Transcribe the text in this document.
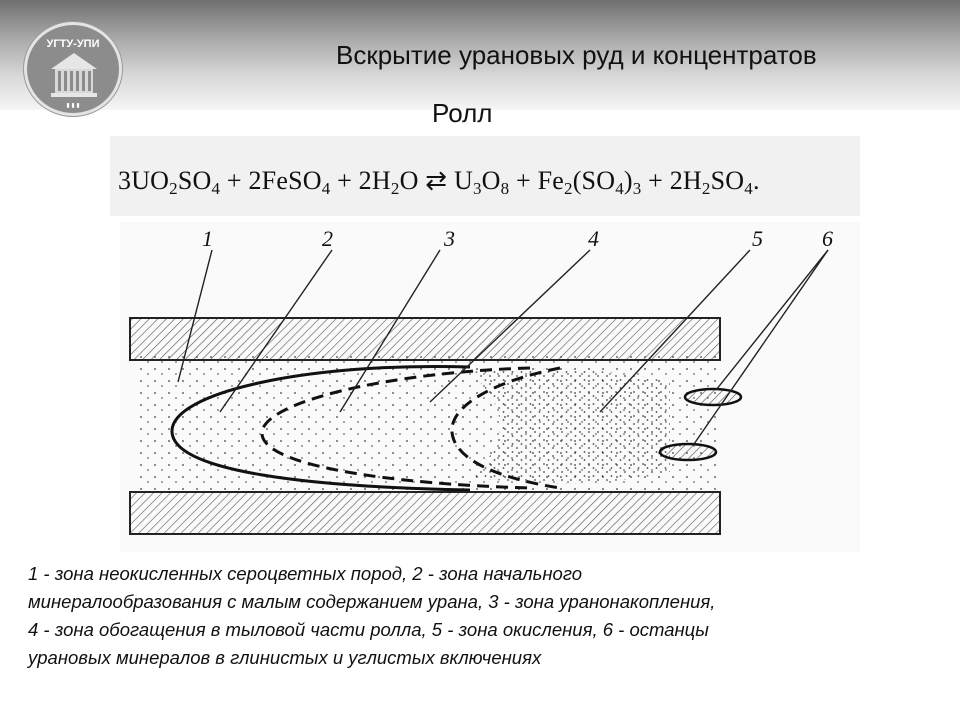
УГТУ-УПИ
▮ ▮ ▮
Вскрытие урановых руд и концентратов
Ролл
$3UO_2SO_4$ + 2FeSO$_4$ + $2H_2O$ ⇄ $U_3O_8 + Fe_2(SO_4)_3 + 2H_2SO_4$.
1	2	3	4	5	6
1 - зона неокисленных сероцветных пород, 2 - зона начального
минералообразования с малым содержанием урана, 3 - зона уранонакопления,
4 - зона обогащения в тыловой части ролла, 5 - зона окисления, 6 - останцы
урановых минералов в глинистых и углистых включениях
